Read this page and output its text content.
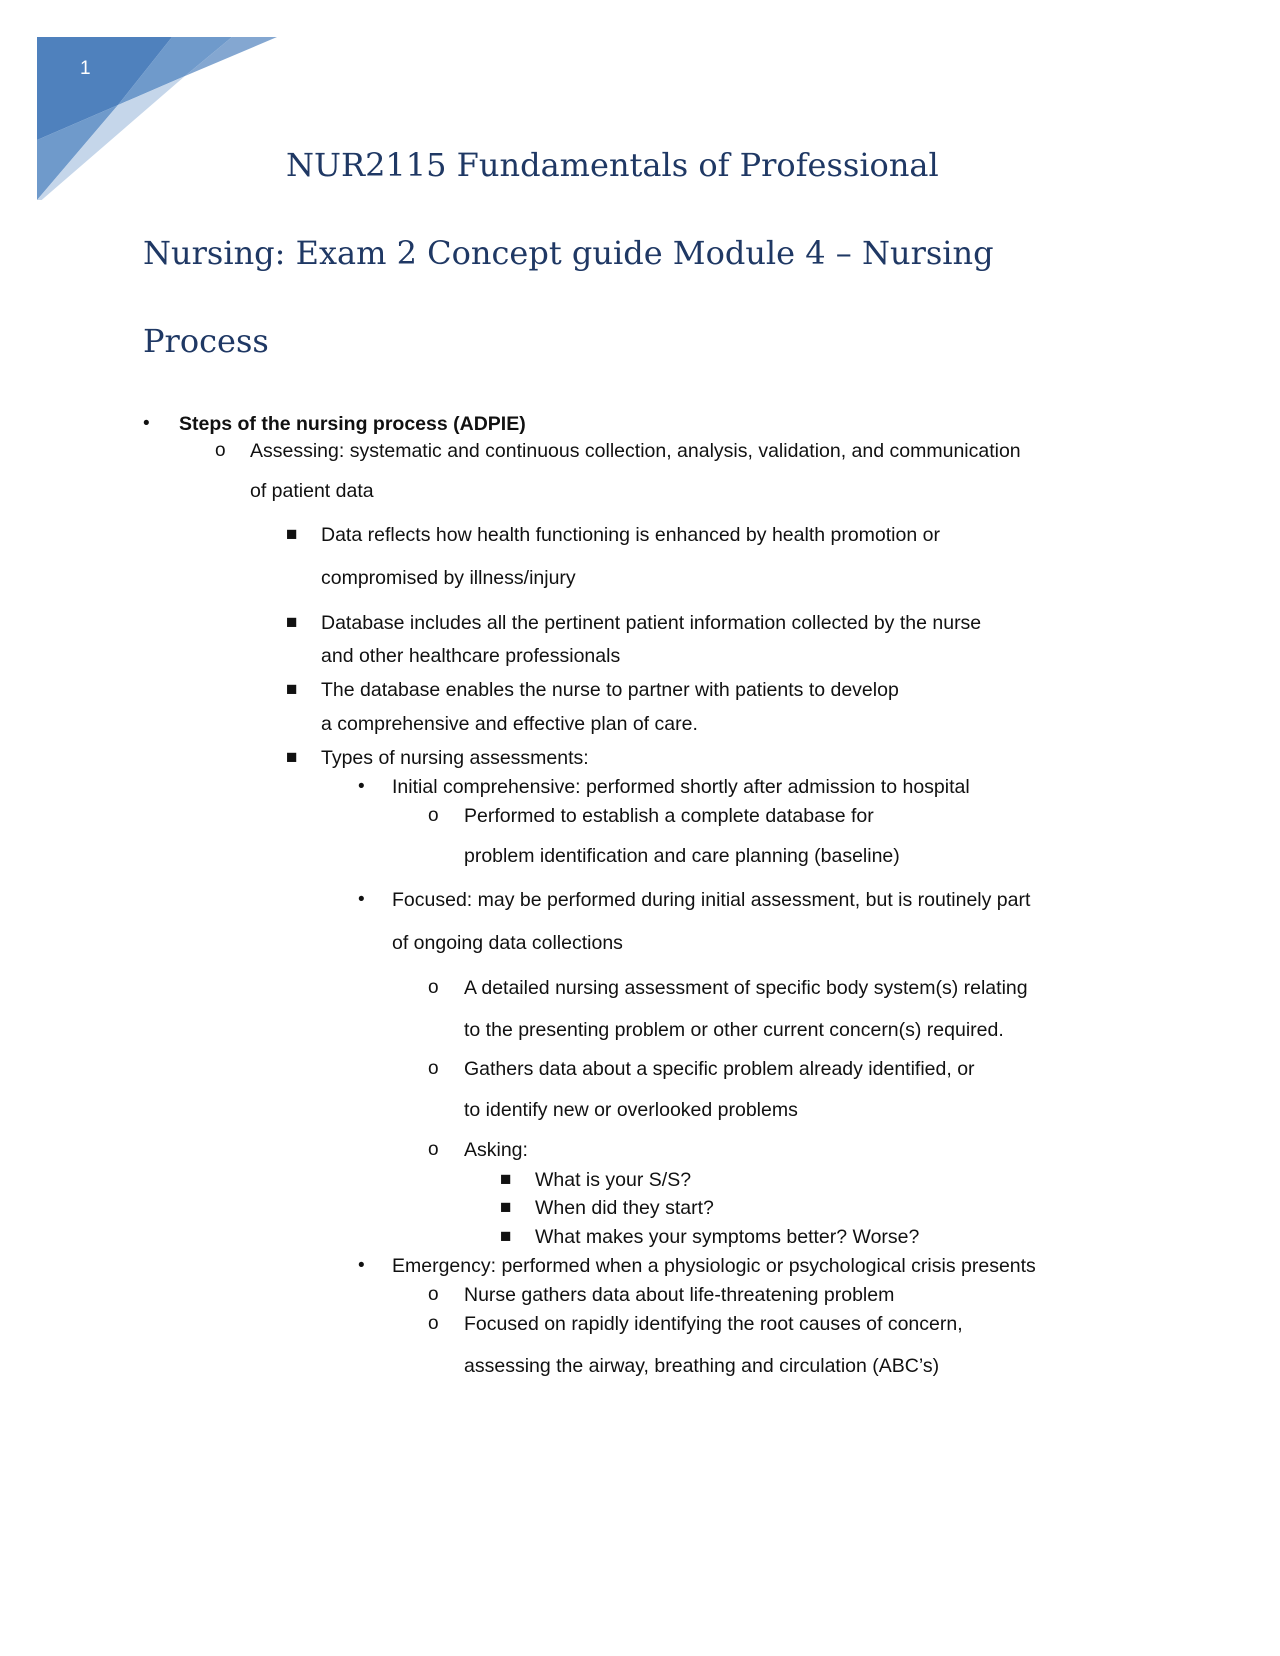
1
NUR2115 Fundamentals of Professional
Nursing: Exam 2 Concept guide Module 4 – Nursing
Process
• Steps of the nursing process (ADPIE)
o Assessing: systematic and continuous collection, analysis, validation, and communication
of patient data
■ Data reflects how health functioning is enhanced by health promotion or
compromised by illness/injury
■ Database includes all the pertinent patient information collected by the nurse
and other healthcare professionals
■ The database enables the nurse to partner with patients to develop
a comprehensive and effective plan of care.
■ Types of nursing assessments:
• Initial comprehensive: performed shortly after admission to hospital
o Performed to establish a complete database for
problem identification and care planning (baseline)
• Focused: may be performed during initial assessment, but is routinely part
of ongoing data collections
o A detailed nursing assessment of specific body system(s) relating
to the presenting problem or other current concern(s) required.
o Gathers data about a specific problem already identified, or
to identify new or overlooked problems
o Asking:
■ What is your S/S?
■ When did they start?
■ What makes your symptoms better? Worse?
• Emergency: performed when a physiologic or psychological crisis presents
o Nurse gathers data about life-threatening problem
o Focused on rapidly identifying the root causes of concern,
assessing the airway, breathing and circulation (ABC’s)
